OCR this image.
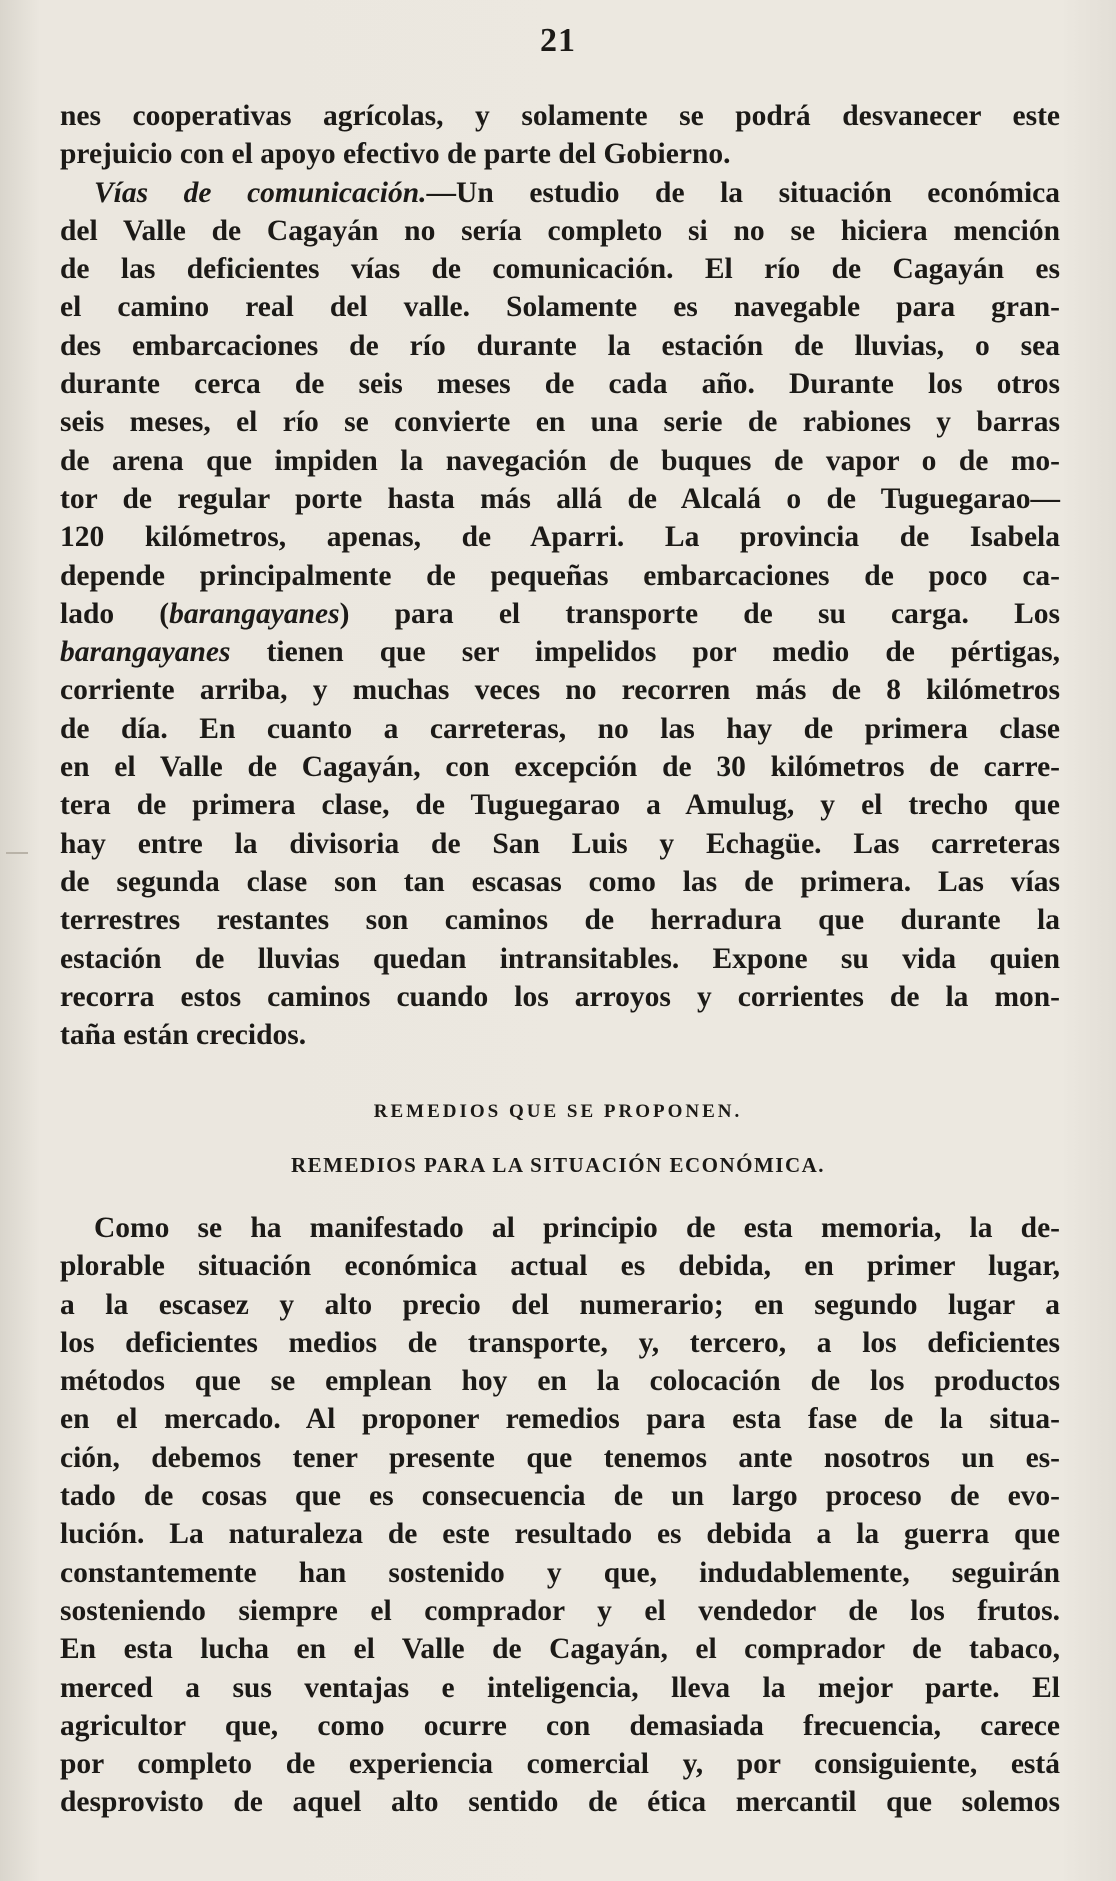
21
nes cooperativas agrícolas, y solamente se podrá desvanecer este
prejuicio con el apoyo efectivo de parte del Gobierno.
Vías de comunicación.—Un estudio de la situación económica
del Valle de Cagayán no sería completo si no se hiciera mención
de las deficientes vías de comunicación. El río de Cagayán es
el camino real del valle. Solamente es navegable para gran-
des embarcaciones de río durante la estación de lluvias, o sea
durante cerca de seis meses de cada año. Durante los otros
seis meses, el río se convierte en una serie de rabiones y barras
de arena que impiden la navegación de buques de vapor o de mo-
tor de regular porte hasta más allá de Alcalá o de Tuguegarao—
120 kilómetros, apenas, de Aparri. La provincia de Isabela
depende principalmente de pequeñas embarcaciones de poco ca-
lado (barangayanes) para el transporte de su carga. Los
barangayanes tienen que ser impelidos por medio de pértigas,
corriente arriba, y muchas veces no recorren más de 8 kilómetros
de día. En cuanto a carreteras, no las hay de primera clase
en el Valle de Cagayán, con excepción de 30 kilómetros de carre-
tera de primera clase, de Tuguegarao a Amulug, y el trecho que
hay entre la divisoria de San Luis y Echagüe. Las carreteras
de segunda clase son tan escasas como las de primera. Las vías
terrestres restantes son caminos de herradura que durante la
estación de lluvias quedan intransitables. Expone su vida quien
recorra estos caminos cuando los arroyos y corrientes de la mon-
taña están crecidos.
REMEDIOS QUE SE PROPONEN.
REMEDIOS PARA LA SITUACIÓN ECONÓMICA.
Como se ha manifestado al principio de esta memoria, la de-
plorable situación económica actual es debida, en primer lugar,
a la escasez y alto precio del numerario; en segundo lugar a
los deficientes medios de transporte, y, tercero, a los deficientes
métodos que se emplean hoy en la colocación de los productos
en el mercado. Al proponer remedios para esta fase de la situa-
ción, debemos tener presente que tenemos ante nosotros un es-
tado de cosas que es consecuencia de un largo proceso de evo-
lución. La naturaleza de este resultado es debida a la guerra que
constantemente han sostenido y que, indudablemente, seguirán
sosteniendo siempre el comprador y el vendedor de los frutos.
En esta lucha en el Valle de Cagayán, el comprador de tabaco,
merced a sus ventajas e inteligencia, lleva la mejor parte. El
agricultor que, como ocurre con demasiada frecuencia, carece
por completo de experiencia comercial y, por consiguiente, está
desprovisto de aquel alto sentido de ética mercantil que solemos
